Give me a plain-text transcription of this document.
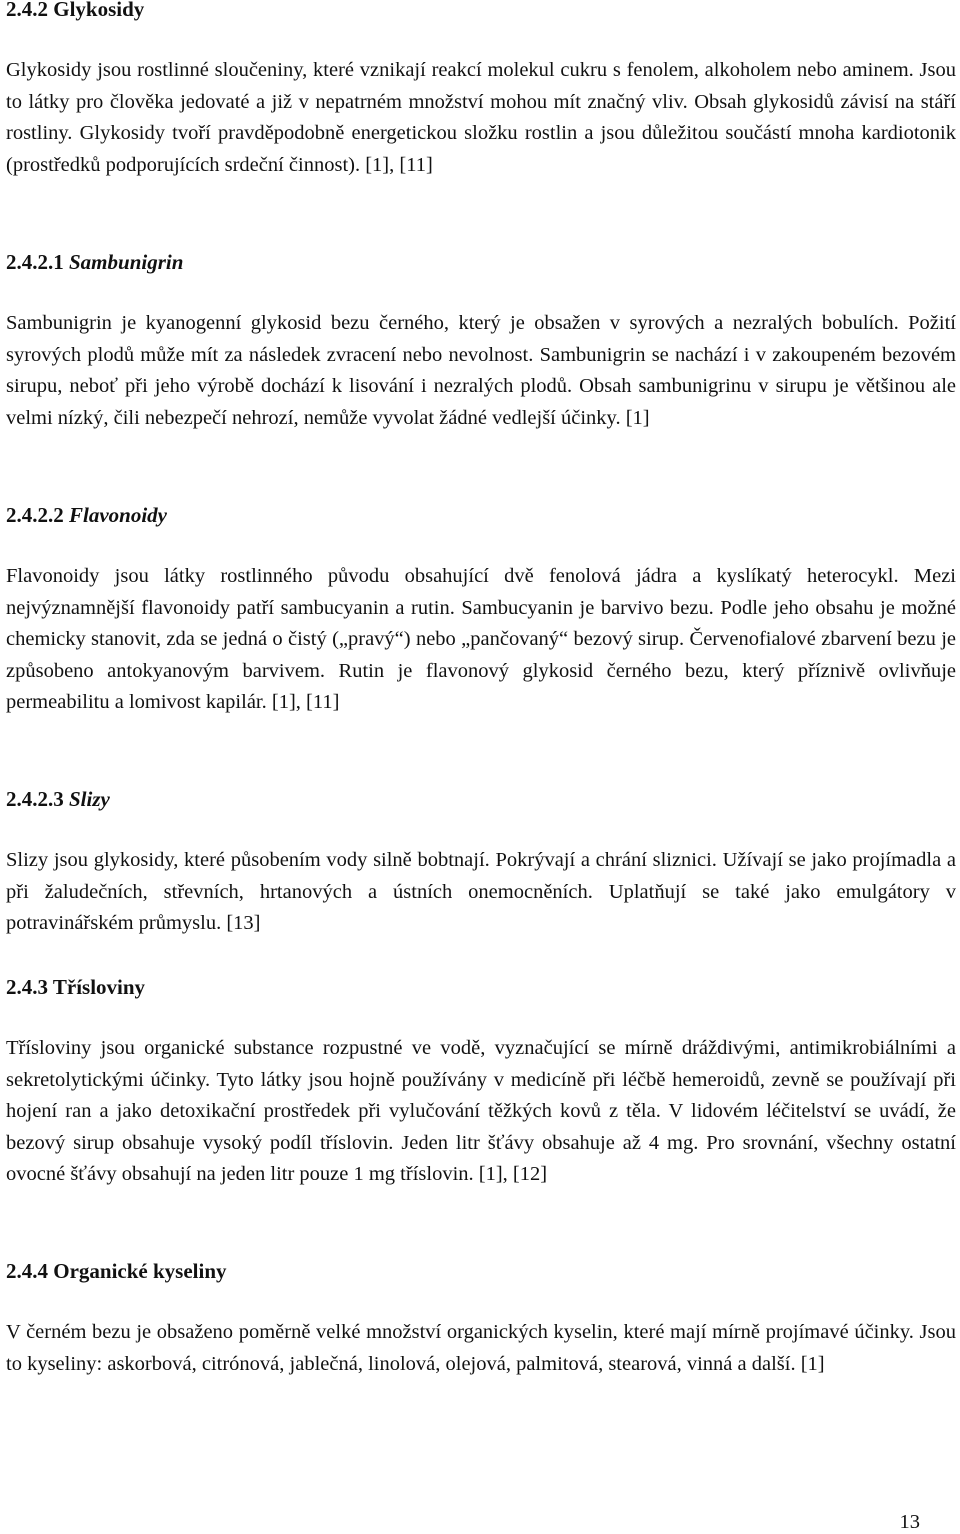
2.4.2 Glykosidy

Glykosidy jsou rostlinné sloučeniny, které vznikají reakcí molekul cukru s fenolem, alkoholem nebo aminem. Jsou to látky pro člověka jedovaté a již v nepatrném množství mohou mít značný vliv. Obsah glykosidů závisí na stáří rostliny. Glykosidy tvoří pravděpodobně energetickou složku rostlin a jsou důležitou součástí mnoha kardiotonik (prostředků podporujících srdeční činnost). [1], [11]

2.4.2.1 Sambunigrin

Sambunigrin je kyanogenní glykosid bezu černého, který je obsažen v syrových a nezralých bobulích. Požití syrových plodů může mít za následek zvracení nebo nevolnost. Sambunigrin se nachází i v zakoupeném bezovém sirupu, neboť při jeho výrobě dochází k lisování i nezralých plodů. Obsah sambunigrinu v sirupu je většinou ale velmi nízký, čili nebezpečí nehrozí, nemůže vyvolat žádné vedlejší účinky. [1]

2.4.2.2 Flavonoidy

Flavonoidy jsou látky rostlinného původu obsahující dvě fenolová jádra a kyslíkatý heterocykl. Mezi nejvýznamnější flavonoidy patří sambucyanin a rutin. Sambucyanin je barvivo bezu. Podle jeho obsahu je možné chemicky stanovit, zda se jedná o čistý („pravý“) nebo „pančovaný“ bezový sirup. Červenofialové zbarvení bezu je způsobeno antokyanovým barvivem. Rutin je flavonový glykosid černého bezu, který příznivě ovlivňuje permeabilitu a lomivost kapilár. [1], [11]

2.4.2.3 Slizy

Slizy jsou glykosidy, které působením vody silně bobtnají. Pokrývají a chrání sliznici. Užívají se jako projímadla a při žaludečních, střevních, hrtanových a ústních onemocněních. Uplatňují se také jako emulgátory v potravinářském průmyslu. [13]

2.4.3 Třísloviny

Třísloviny jsou organické substance rozpustné ve vodě, vyznačující se mírně dráždivými, antimikrobiálními a sekretolytickými účinky. Tyto látky jsou hojně používány v medicíně při léčbě hemeroidů, zevně se používají při hojení ran a jako detoxikační prostředek při vylučování těžkých kovů z těla. V lidovém léčitelství se uvádí, že bezový sirup obsahuje vysoký podíl tříslovin. Jeden litr šťávy obsahuje až 4 mg. Pro srovnání, všechny ostatní ovocné šťávy obsahují na jeden litr pouze 1 mg tříslovin. [1], [12]

2.4.4 Organické kyseliny

V černém bezu je obsaženo poměrně velké množství organických kyselin, které mají mírně projímavé účinky. Jsou to kyseliny: askorbová, citrónová, jablečná, linolová, olejová, palmitová, stearová, vinná a další. [1]

13
